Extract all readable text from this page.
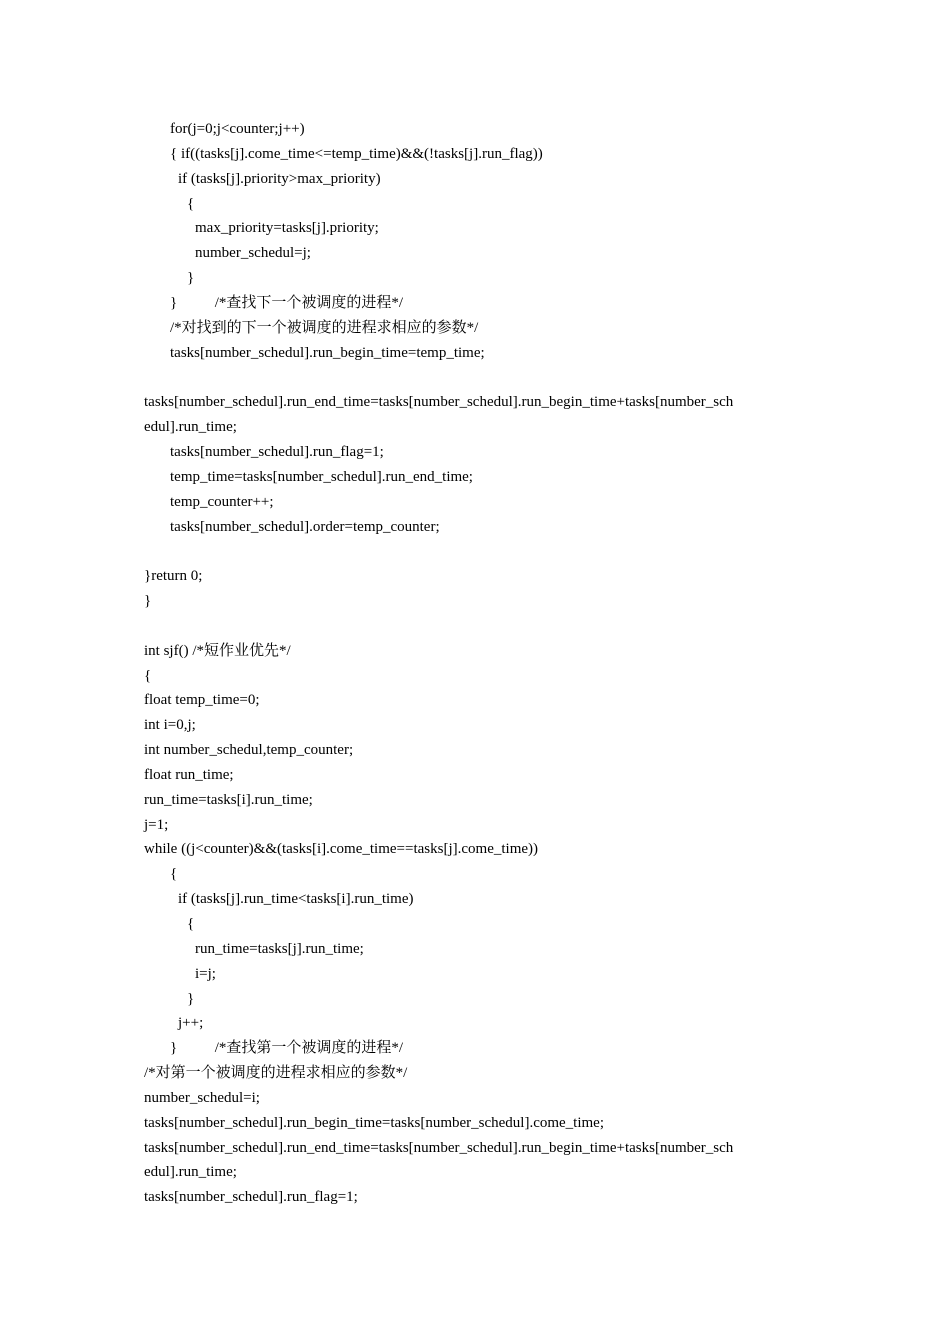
for(j=0;j<counter;j++)
{ if((tasks[j].come_time<=temp_time)&&(!tasks[j].run_flag))
if (tasks[j].priority>max_priority)
{
max_priority=tasks[j].priority;
number_schedul=j;
}
}          /*查找下一个被调度的进程*/
/*对找到的下一个被调度的进程求相应的参数*/
tasks[number_schedul].run_begin_time=temp_time;
tasks[number_schedul].run_end_time=tasks[number_schedul].run_begin_time+tasks[number_sch
edul].run_time;
tasks[number_schedul].run_flag=1;
temp_time=tasks[number_schedul].run_end_time;
temp_counter++;
tasks[number_schedul].order=temp_counter;
}return 0;
}
int sjf() /*短作业优先*/
{
float temp_time=0;
int i=0,j;
int number_schedul,temp_counter;
float run_time;
run_time=tasks[i].run_time;
j=1;
while ((j<counter)&&(tasks[i].come_time==tasks[j].come_time))
{
if (tasks[j].run_time<tasks[i].run_time)
{
run_time=tasks[j].run_time;
i=j;
}
j++;
}          /*查找第一个被调度的进程*/
/*对第一个被调度的进程求相应的参数*/
number_schedul=i;
tasks[number_schedul].run_begin_time=tasks[number_schedul].come_time;
tasks[number_schedul].run_end_time=tasks[number_schedul].run_begin_time+tasks[number_sch
edul].run_time;
tasks[number_schedul].run_flag=1;
